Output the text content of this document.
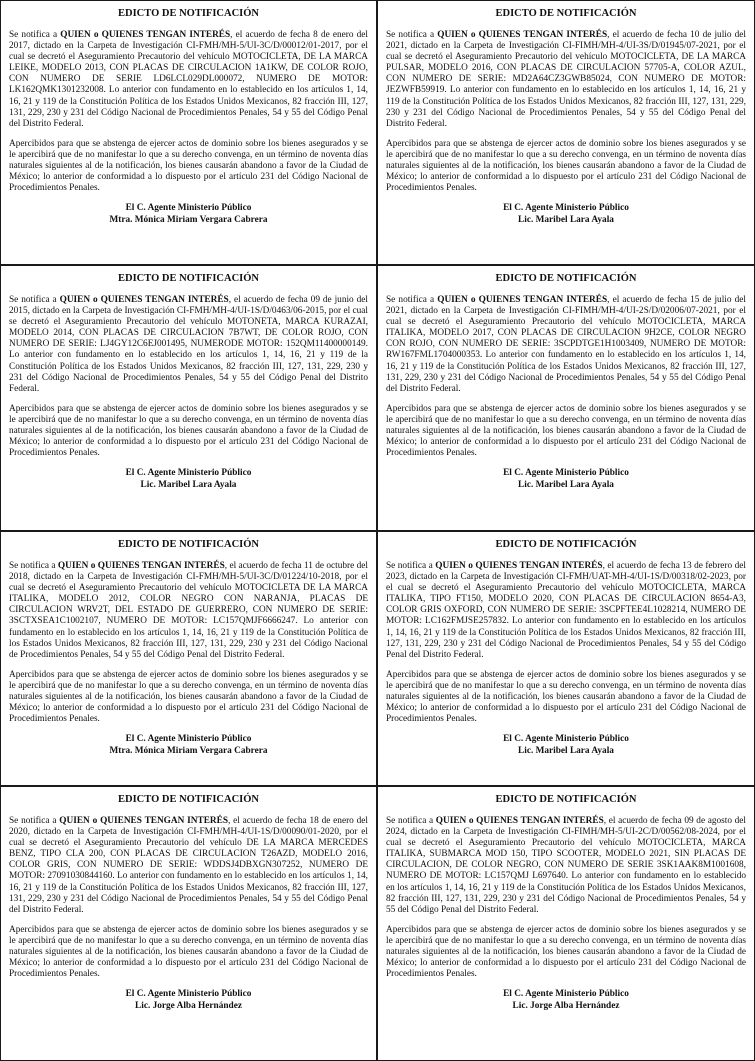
EDICTO DE NOTIFICACIÓN

Se notifica a QUIEN o QUIENES TENGAN INTERÉS, el acuerdo de fecha 8 de enero del 2017, dictado en la Carpeta de Investigación CI-FMH/MH-5/UI-3C/D/00012/01-2017, por el cual se decretó el Aseguramiento Precautorio del vehículo MOTOCICLETA, DE LA MARCA LEIKE, MODELO 2013, CON PLACAS DE CIRCULACION 1A1KW, DE COLOR ROJO, CON NUMERO DE SERIE LD6LCL029DL000072, NUMERO DE MOTOR: LK162QMK1301232008. Lo anterior con fundamento en lo establecido en los artículos 1, 14, 16, 21 y 119 de la Constitución Política de los Estados Unidos Mexicanos, 82 fracción III, 127, 131, 229, 230 y 231 del Código Nacional de Procedimientos Penales, 54 y 55 del Código Penal del Distrito Federal.

Apercibidos para que se abstenga de ejercer actos de dominio sobre los bienes asegurados y se le apercibirá que de no manifestar lo que a su derecho convenga, en un término de noventa días naturales siguientes al de la notificación, los bienes causarán abandono a favor de la Ciudad de México; lo anterior de conformidad a lo dispuesto por el artículo 231 del Código Nacional de Procedimientos Penales.

El C. Agente Ministerio Público
Mtra. Mónica Miriam Vergara Cabrera
EDICTO DE NOTIFICACIÓN

Se notifica a QUIEN o QUIENES TENGAN INTERÉS, el acuerdo de fecha 10 de julio del 2021, dictado en la Carpeta de Investigación CI-FIMH/MH-4/UI-3S/D/01945/07-2021, por el cual se decretó el Aseguramiento Precautorio del vehículo MOTOCICLETA, DE LA MARCA PULSAR, MODELO 2016, CON PLACAS DE CIRCULACION 57705-A, COLOR AZUL, CON NUMERO DE SERIE: MD2A64CZ3GWB85024, CON NUMERO DE MOTOR: JEZWFB59919. Lo anterior con fundamento en lo establecido en los artículos 1, 14, 16, 21 y 119 de la Constitución Política de los Estados Unidos Mexicanos, 82 fracción III, 127, 131, 229, 230 y 231 del Código Nacional de Procedimientos Penales, 54 y 55 del Código Penal del Distrito Federal.

Apercibidos para que se abstenga de ejercer actos de dominio sobre los bienes asegurados y se le apercibirá que de no manifestar lo que a su derecho convenga, en un término de noventa días naturales siguientes al de la notificación, los bienes causarán abandono a favor de la Ciudad de México; lo anterior de conformidad a lo dispuesto por el artículo 231 del Código Nacional de Procedimientos Penales.

El C. Agente Ministerio Público
Lic. Maribel Lara Ayala
EDICTO DE NOTIFICACIÓN

Se notifica a QUIEN o QUIENES TENGAN INTERÉS, el acuerdo de fecha 09 de junio del 2015, dictado en la Carpeta de Investigación CI-FMH/MH-4/UI-1S/D/0463/06-2015, por el cual se decretó el Aseguramiento Precautorio del vehículo MOTONETA, MARCA KURAZAI, MODELO 2014, CON PLACAS DE CIRCULACION 7B7WT, DE COLOR ROJO, CON NUMERO DE SERIE: LJ4GY12C6EJ001495, NUMERODE MOTOR: 152QM11400000149. Lo anterior con fundamento en lo establecido en los artículos 1, 14, 16, 21 y 119 de la Constitución Política de los Estados Unidos Mexicanos, 82 fracción III, 127, 131, 229, 230 y 231 del Código Nacional de Procedimientos Penales, 54 y 55 del Código Penal del Distrito Federal.

Apercibidos para que se abstenga de ejercer actos de dominio sobre los bienes asegurados y se le apercibirá que de no manifestar lo que a su derecho convenga, en un término de noventa días naturales siguientes al de la notificación, los bienes causarán abandono a favor de la Ciudad de México; lo anterior de conformidad a lo dispuesto por el artículo 231 del Código Nacional de Procedimientos Penales.

El C. Agente Ministerio Público
Lic. Maribel Lara Ayala
EDICTO DE NOTIFICACIÓN

Se notifica a QUIEN o QUIENES TENGAN INTERÉS, el acuerdo de fecha 15 de julio del 2021, dictado en la Carpeta de Investigación CI-FIMH/MH-4/UI-2S/D/02006/07-2021, por el cual se decretó el Aseguramiento Precautorio del vehículo MOTOCICLETA, MARCA ITALIKA, MODELO 2017, CON PLACAS DE CIRCULACION 9H2CE, COLOR NEGRO CON ROJO, CON NUMERO DE SERIE: 3SCPDTGE1H1003409, NUMERO DE MOTOR: RW167FML1704000353. Lo anterior con fundamento en lo establecido en los artículos 1, 14, 16, 21 y 119 de la Constitución Política de los Estados Unidos Mexicanos, 82 fracción III, 127, 131, 229, 230 y 231 del Código Nacional de Procedimientos Penales, 54 y 55 del Código Penal del Distrito Federal.

Apercibidos para que se abstenga de ejercer actos de dominio sobre los bienes asegurados y se le apercibirá que de no manifestar lo que a su derecho convenga, en un término de noventa días naturales siguientes al de la notificación, los bienes causarán abandono a favor de la Ciudad de México; lo anterior de conformidad a lo dispuesto por el artículo 231 del Código Nacional de Procedimientos Penales.

El C. Agente Ministerio Público
Lic. Maribel Lara Ayala
EDICTO DE NOTIFICACIÓN

Se notifica a QUIEN o QUIENES TENGAN INTERÉS, el acuerdo de fecha 11 de octubre del 2018, dictado en la Carpeta de Investigación CI-FMH/MH-5/UI-3C/D/01224/10-2018, por el cual se decretó el Aseguramiento Precautorio del vehículo MOTOCICLETA DE LA MARCA ITALIKA, MODELO 2012, COLOR NEGRO CON NARANJA, PLACAS DE CIRCULACION WRV2T, DEL ESTADO DE GUERRERO, CON NUMERO DE SERIE: 3SCTXSEA1C1002107, NUMERO DE MOTOR: LC157QMJF6666247. Lo anterior con fundamento en lo establecido en los artículos 1, 14, 16, 21 y 119 de la Constitución Política de los Estados Unidos Mexicanos, 82 fracción III, 127, 131, 229, 230 y 231 del Código Nacional de Procedimientos Penales, 54 y 55 del Código Penal del Distrito Federal.

Apercibidos para que se abstenga de ejercer actos de dominio sobre los bienes asegurados y se le apercibirá que de no manifestar lo que a su derecho convenga, en un término de noventa días naturales siguientes al de la notificación, los bienes causarán abandono a favor de la Ciudad de México; lo anterior de conformidad a lo dispuesto por el artículo 231 del Código Nacional de Procedimientos Penales.

El C. Agente Ministerio Público
Mtra. Mónica Miriam Vergara Cabrera
EDICTO DE NOTIFICACIÓN

Se notifica a QUIEN o QUIENES TENGAN INTERÉS, el acuerdo de fecha 13 de febrero del 2023, dictado en la Carpeta de Investigación CI-FMH/UAT-MH-4/UI-1S/D/00318/02-2023, por el cual se decretó el Aseguramiento Precautorio del vehículo MOTOCICLETA, MARCA ITALIKA, TIPO FT150, MODELO 2020, CON PLACAS DE CIRCULACION 8654-A3, COLOR GRIS OXFORD, CON NUMERO DE SERIE: 3SCPFTEE4L1028214, NUMERO DE MOTOR: LC162FMJSE257832. Lo anterior con fundamento en lo establecido en los artículos 1, 14, 16, 21 y 119 de la Constitución Política de los Estados Unidos Mexicanos, 82 fracción III, 127, 131, 229, 230 y 231 del Código Nacional de Procedimientos Penales, 54 y 55 del Código Penal del Distrito Federal.

Apercibidos para que se abstenga de ejercer actos de dominio sobre los bienes asegurados y se le apercibirá que de no manifestar lo que a su derecho convenga, en un término de noventa días naturales siguientes al de la notificación, los bienes causarán abandono a favor de la Ciudad de México; lo anterior de conformidad a lo dispuesto por el artículo 231 del Código Nacional de Procedimientos Penales.

El C. Agente Ministerio Público
Lic. Maribel Lara Ayala
EDICTO DE NOTIFICACIÓN

Se notifica a QUIEN o QUIENES TENGAN INTERÉS, el acuerdo de fecha 18 de enero del 2020, dictado en la Carpeta de Investigación CI-FMH/MH-4/UI-1S/D/00090/01-2020, por el cual se decretó el Aseguramiento Precautorio del vehículo DE LA MARCA MERCEDES BENZ, TIPO CLA 200, CON PLACAS DE CIRCULACION T26AZD, MODELO 2016, COLOR GRIS, CON NUMERO DE SERIE: WDDSJ4DBXGN307252, NUMERO DE MOTOR: 27091030844160. Lo anterior con fundamento en lo establecido en los artículos 1, 14, 16, 21 y 119 de la Constitución Política de los Estados Unidos Mexicanos, 82 fracción III, 127, 131, 229, 230 y 231 del Código Nacional de Procedimientos Penales, 54 y 55 del Código Penal del Distrito Federal.

Apercibidos para que se abstenga de ejercer actos de dominio sobre los bienes asegurados y se le apercibirá que de no manifestar lo que a su derecho convenga, en un término de noventa días naturales siguientes al de la notificación, los bienes causarán abandono a favor de la Ciudad de México; lo anterior de conformidad a lo dispuesto por el artículo 231 del Código Nacional de Procedimientos Penales.

El C. Agente Ministerio Público
Lic. Jorge Alba Hernández
EDICTO DE NOTIFICACIÓN

Se notifica a QUIEN o QUIENES TENGAN INTERÉS, el acuerdo de fecha 09 de agosto del 2024, dictado en la Carpeta de Investigación CI-FIMH/MH-5/UI-2C/D/00562/08-2024, por el cual se decretó el Aseguramiento Precautorio del vehículo MOTOCICLETA, MARCA ITALIKA, SUBMARCA MOD 150, TIPO SCOOTER, MODELO 2021, SIN PLACAS DE CIRCULACION, DE COLOR NEGRO, CON NUMERO DE SERIE 3SK1AAK8M1001608, NUMERO DE MOTOR: LC157QMJ L697640. Lo anterior con fundamento en lo establecido en los artículos 1, 14, 16, 21 y 119 de la Constitución Política de los Estados Unidos Mexicanos, 82 fracción III, 127, 131, 229, 230 y 231 del Código Nacional de Procedimientos Penales, 54 y 55 del Código Penal del Distrito Federal.

Apercibidos para que se abstenga de ejercer actos de dominio sobre los bienes asegurados y se le apercibirá que de no manifestar lo que a su derecho convenga, en un término de noventa días naturales siguientes al de la notificación, los bienes causarán abandono a favor de la Ciudad de México; lo anterior de conformidad a lo dispuesto por el artículo 231 del Código Nacional de Procedimientos Penales.

El C. Agente Ministerio Público
Lic. Jorge Alba Hernández
